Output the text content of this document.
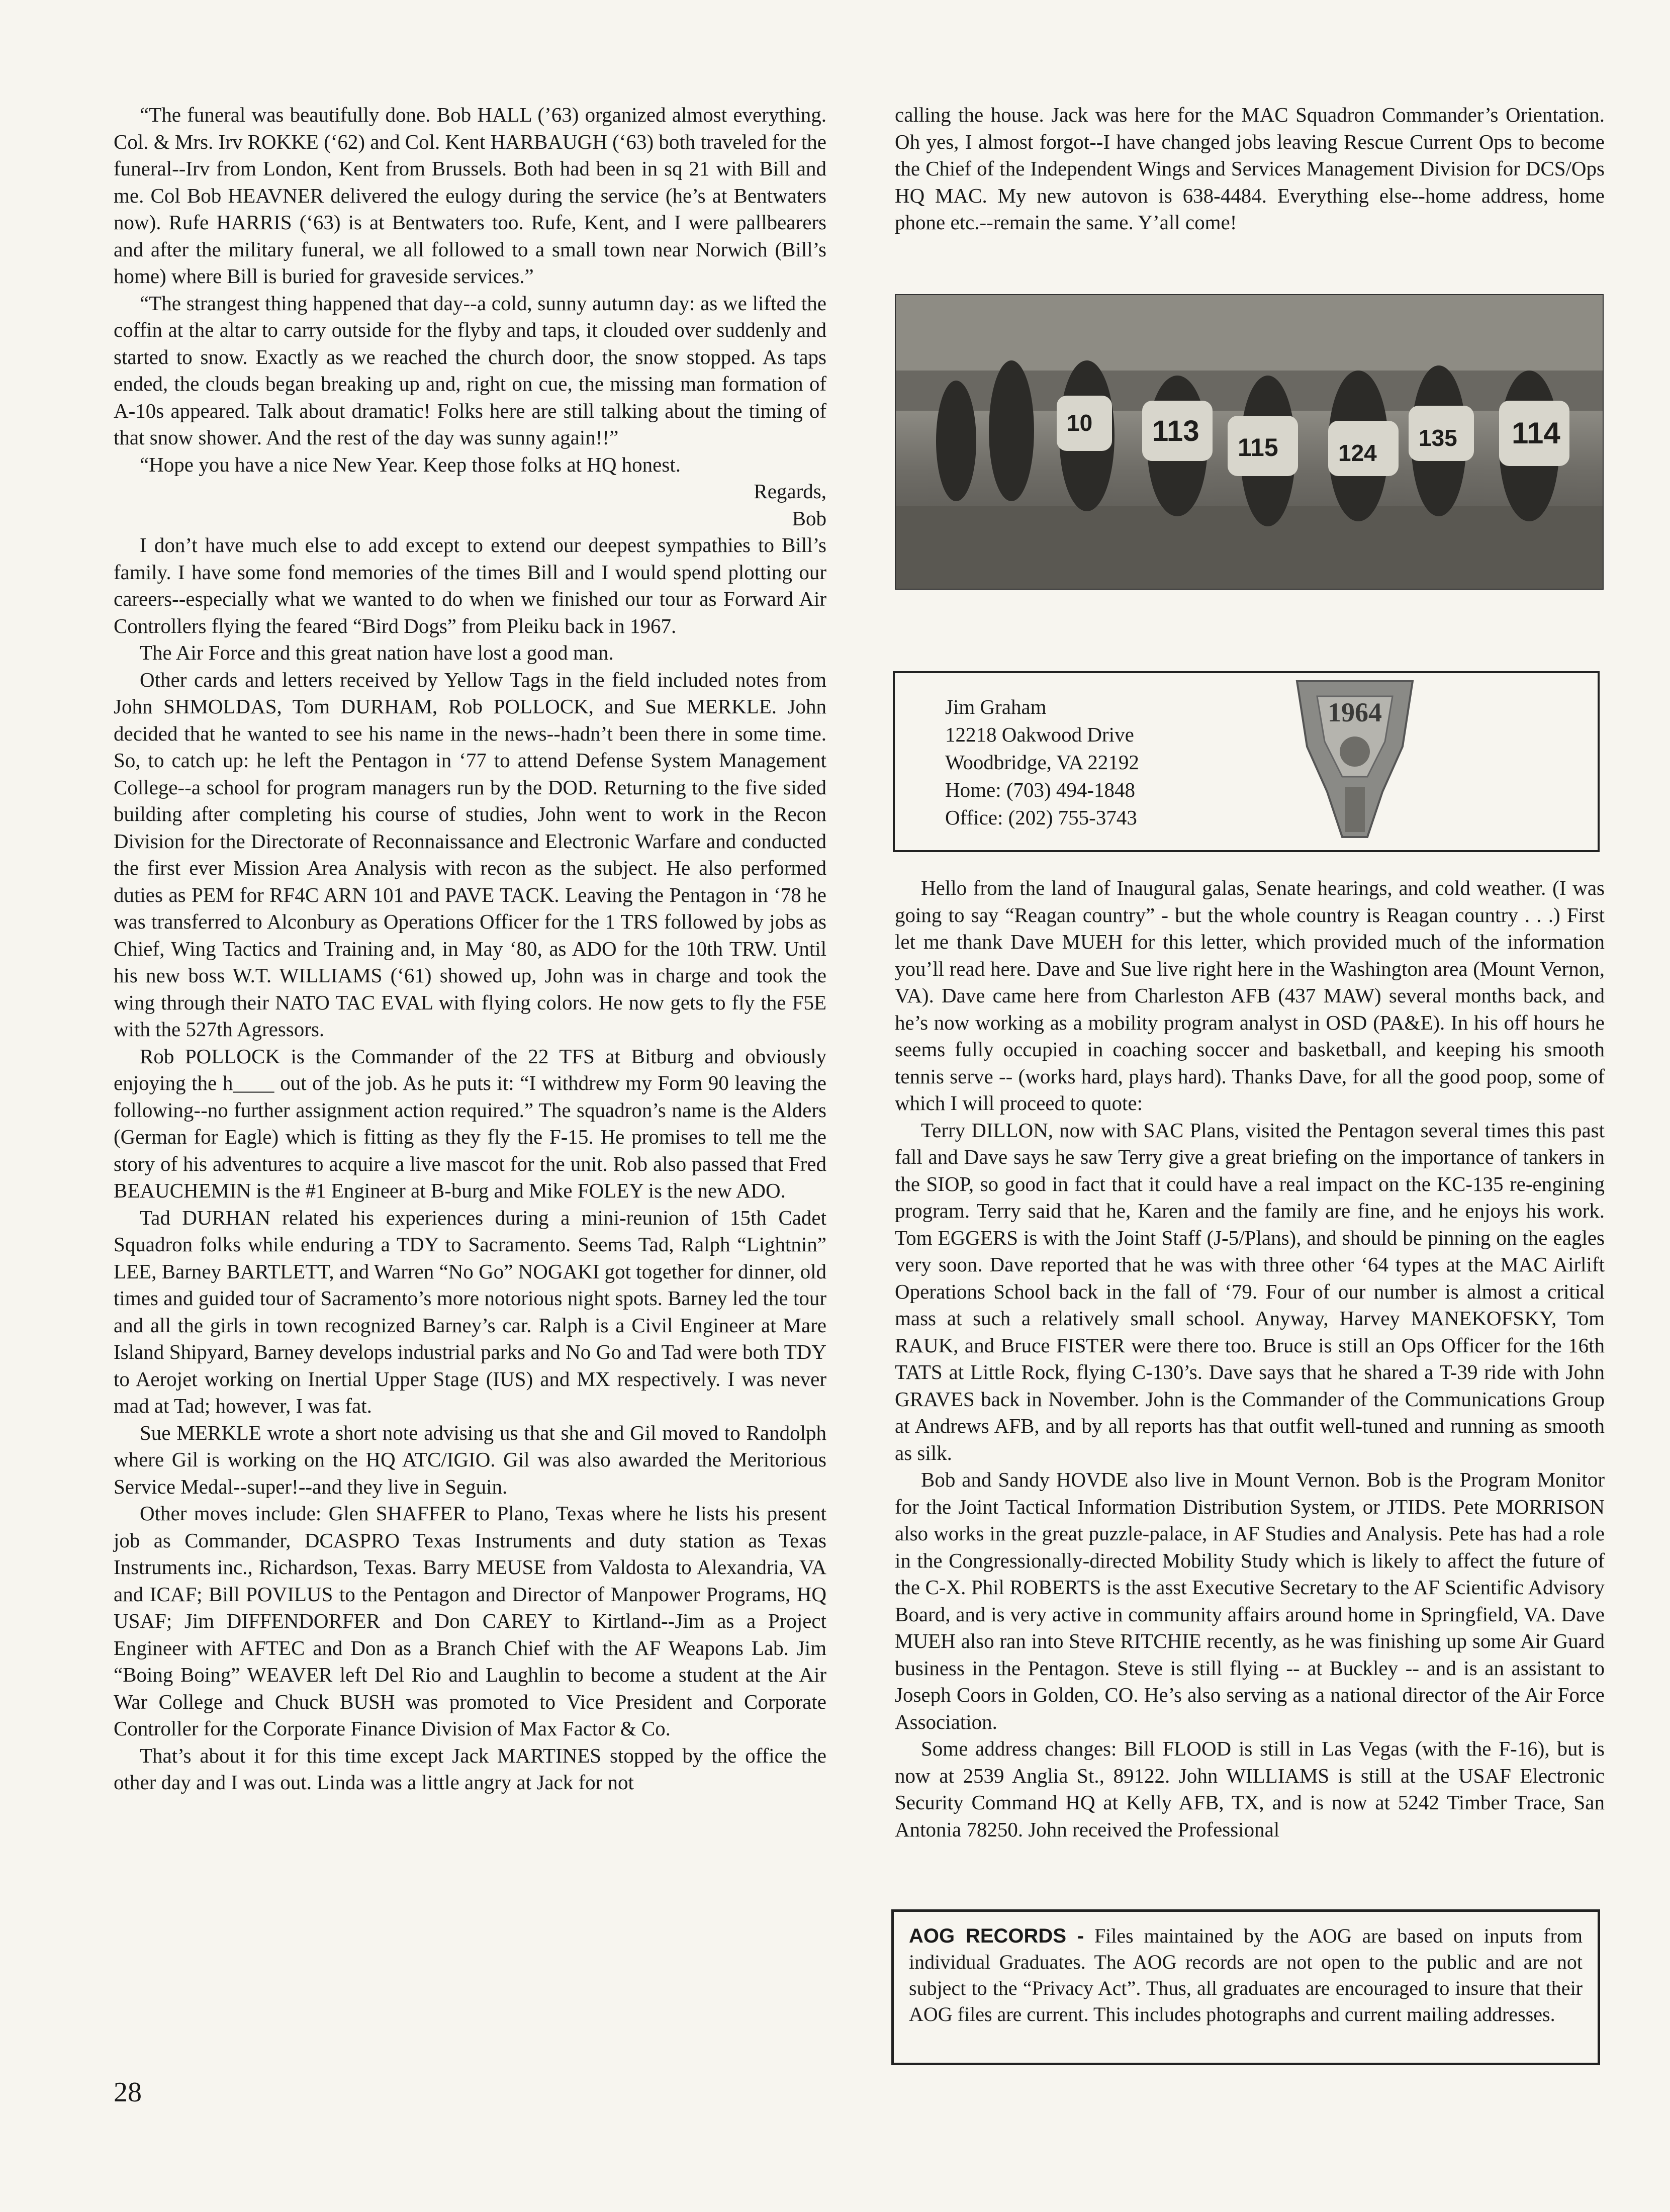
“The funeral was beautifully done. Bob HALL (’63) organized almost everything. Col. & Mrs. Irv ROKKE (‘62) and Col. Kent HARBAUGH (‘63) both traveled for the funeral--Irv from London, Kent from Brussels. Both had been in sq 21 with Bill and me. Col Bob HEAVNER delivered the eulogy during the service (he’s at Bentwaters now). Rufe HARRIS (‘63) is at Bentwaters too. Rufe, Kent, and I were pallbearers and after the military funeral, we all followed to a small town near Norwich (Bill’s home) where Bill is buried for graveside services.”

“The strangest thing happened that day--a cold, sunny autumn day: as we lifted the coffin at the altar to carry outside for the flyby and taps, it clouded over suddenly and started to snow. Exactly as we reached the church door, the snow stopped. As taps ended, the clouds began breaking up and, right on cue, the missing man formation of A-10s appeared. Talk about dramatic! Folks here are still talking about the timing of that snow shower. And the rest of the day was sunny again!!”

“Hope you have a nice New Year. Keep those folks at HQ honest.

Regards,

Bob

I don’t have much else to add except to extend our deepest sympathies to Bill’s family. I have some fond memories of the times Bill and I would spend plotting our careers--especially what we wanted to do when we finished our tour as Forward Air Controllers flying the feared “Bird Dogs” from Pleiku back in 1967.

The Air Force and this great nation have lost a good man.

Other cards and letters received by Yellow Tags in the field included notes from John SHMOLDAS, Tom DURHAM, Rob POLLOCK, and Sue MERKLE. John decided that he wanted to see his name in the news--hadn’t been there in some time. So, to catch up: he left the Pentagon in ‘77 to attend Defense System Management College--a school for program managers run by the DOD. Returning to the five sided building after completing his course of studies, John went to work in the Recon Division for the Directorate of Reconnaissance and Electronic Warfare and conducted the first ever Mission Area Analysis with recon as the subject. He also performed duties as PEM for RF4C ARN 101 and PAVE TACK. Leaving the Pentagon in ‘78 he was transferred to Alconbury as Operations Officer for the 1 TRS followed by jobs as Chief, Wing Tactics and Training and, in May ‘80, as ADO for the 10th TRW. Until his new boss W.T. WILLIAMS (‘61) showed up, John was in charge and took the wing through their NATO TAC EVAL with flying colors. He now gets to fly the F5E with the 527th Agressors.

Rob POLLOCK is the Commander of the 22 TFS at Bitburg and obviously enjoying the h____ out of the job. As he puts it: “I withdrew my Form 90 leaving the following--no further assignment action required.” The squadron’s name is the Alders (German for Eagle) which is fitting as they fly the F-15. He promises to tell me the story of his adventures to acquire a live mascot for the unit. Rob also passed that Fred BEAUCHEMIN is the #1 Engineer at B-burg and Mike FOLEY is the new ADO.

Tad DURHAN related his experiences during a mini-reunion of 15th Cadet Squadron folks while enduring a TDY to Sacramento. Seems Tad, Ralph “Lightnin” LEE, Barney BARTLETT, and Warren “No Go” NOGAKI got together for dinner, old times and guided tour of Sacramento’s more notorious night spots. Barney led the tour and all the girls in town recognized Barney’s car. Ralph is a Civil Engineer at Mare Island Shipyard, Barney develops industrial parks and No Go and Tad were both TDY to Aerojet working on Inertial Upper Stage (IUS) and MX respectively. I was never mad at Tad; however, I was fat.

Sue MERKLE wrote a short note advising us that she and Gil moved to Randolph where Gil is working on the HQ ATC/IGIO. Gil was also awarded the Meritorious Service Medal--super!--and they live in Seguin.

Other moves include: Glen SHAFFER to Plano, Texas where he lists his present job as Commander, DCASPRO Texas Instruments and duty station as Texas Instruments inc., Richardson, Texas. Barry MEUSE from Valdosta to Alexandria, VA and ICAF; Bill POVILUS to the Pentagon and Director of Manpower Programs, HQ USAF; Jim DIFFENDORFER and Don CAREY to Kirtland--Jim as a Project Engineer with AFTEC and Don as a Branch Chief with the AF Weapons Lab. Jim “Boing Boing” WEAVER left Del Rio and Laughlin to become a student at the Air War College and Chuck BUSH was promoted to Vice President and Corporate Controller for the Corporate Finance Division of Max Factor & Co.

That’s about it for this time except Jack MARTINES stopped by the office the other day and I was out. Linda was a little angry at Jack for not

calling the house. Jack was here for the MAC Squadron Commander’s Orientation. Oh yes, I almost forgot--I have changed jobs leaving Rescue Current Ops to become the Chief of the Independent Wings and Services Management Division for DCS/Ops HQ MAC. My new autovon is 638-4484. Everything else--home address, home phone etc.--remain the same. Y’all come!

113 115	114
124
135
10
Jim Graham
12218 Oakwood Drive
Woodbridge, VA 22192
Home: (703) 494-1848
Office: (202) 755-3743
1964

Hello from the land of Inaugural galas, Senate hearings, and cold weather. (I was going to say “Reagan country” - but the whole country is Reagan country . . .) First let me thank Dave MUEH for this letter, which provided much of the information you’ll read here. Dave and Sue live right here in the Washington area (Mount Vernon, VA). Dave came here from Charleston AFB (437 MAW) several months back, and he’s now working as a mobility program analyst in OSD (PA&E). In his off hours he seems fully occupied in coaching soccer and basketball, and keeping his smooth tennis serve -- (works hard, plays hard). Thanks Dave, for all the good poop, some of which I will proceed to quote:

Terry DILLON, now with SAC Plans, visited the Pentagon several times this past fall and Dave says he saw Terry give a great briefing on the importance of tankers in the SIOP, so good in fact that it could have a real impact on the KC-135 re-engining program. Terry said that he, Karen and the family are fine, and he enjoys his work. Tom EGGERS is with the Joint Staff (J-5/Plans), and should be pinning on the eagles very soon. Dave reported that he was with three other ‘64 types at the MAC Airlift Operations School back in the fall of ‘79. Four of our number is almost a critical mass at such a relatively small school. Anyway, Harvey MANEKOFSKY, Tom RAUK, and Bruce FISTER were there too. Bruce is still an Ops Officer for the 16th TATS at Little Rock, flying C-130’s. Dave says that he shared a T-39 ride with John GRAVES back in November. John is the Commander of the Communications Group at Andrews AFB, and by all reports has that outfit well-tuned and running as smooth as silk.

Bob and Sandy HOVDE also live in Mount Vernon. Bob is the Program Monitor for the Joint Tactical Information Distribution System, or JTIDS. Pete MORRISON also works in the great puzzle-palace, in AF Studies and Analysis. Pete has had a role in the Congressionally-directed Mobility Study which is likely to affect the future of the C-X. Phil ROBERTS is the asst Executive Secretary to the AF Scientific Advisory Board, and is very active in community affairs around home in Springfield, VA. Dave MUEH also ran into Steve RITCHIE recently, as he was finishing up some Air Guard business in the Pentagon. Steve is still flying -- at Buckley -- and is an assistant to Joseph Coors in Golden, CO. He’s also serving as a national director of the Air Force Association.

Some address changes: Bill FLOOD is still in Las Vegas (with the F-16), but is now at 2539 Anglia St., 89122. John WILLIAMS is still at the USAF Electronic Security Command HQ at Kelly AFB, TX, and is now at 5242 Timber Trace, San Antonia 78250. John received the Professional

AOG RECORDS - Files maintained by the AOG are based on inputs from individual Graduates. The AOG records are not open to the public and are not subject to the “Privacy Act”. Thus, all graduates are encouraged to insure that their AOG files are current. This includes photographs and current mailing addresses.
28
